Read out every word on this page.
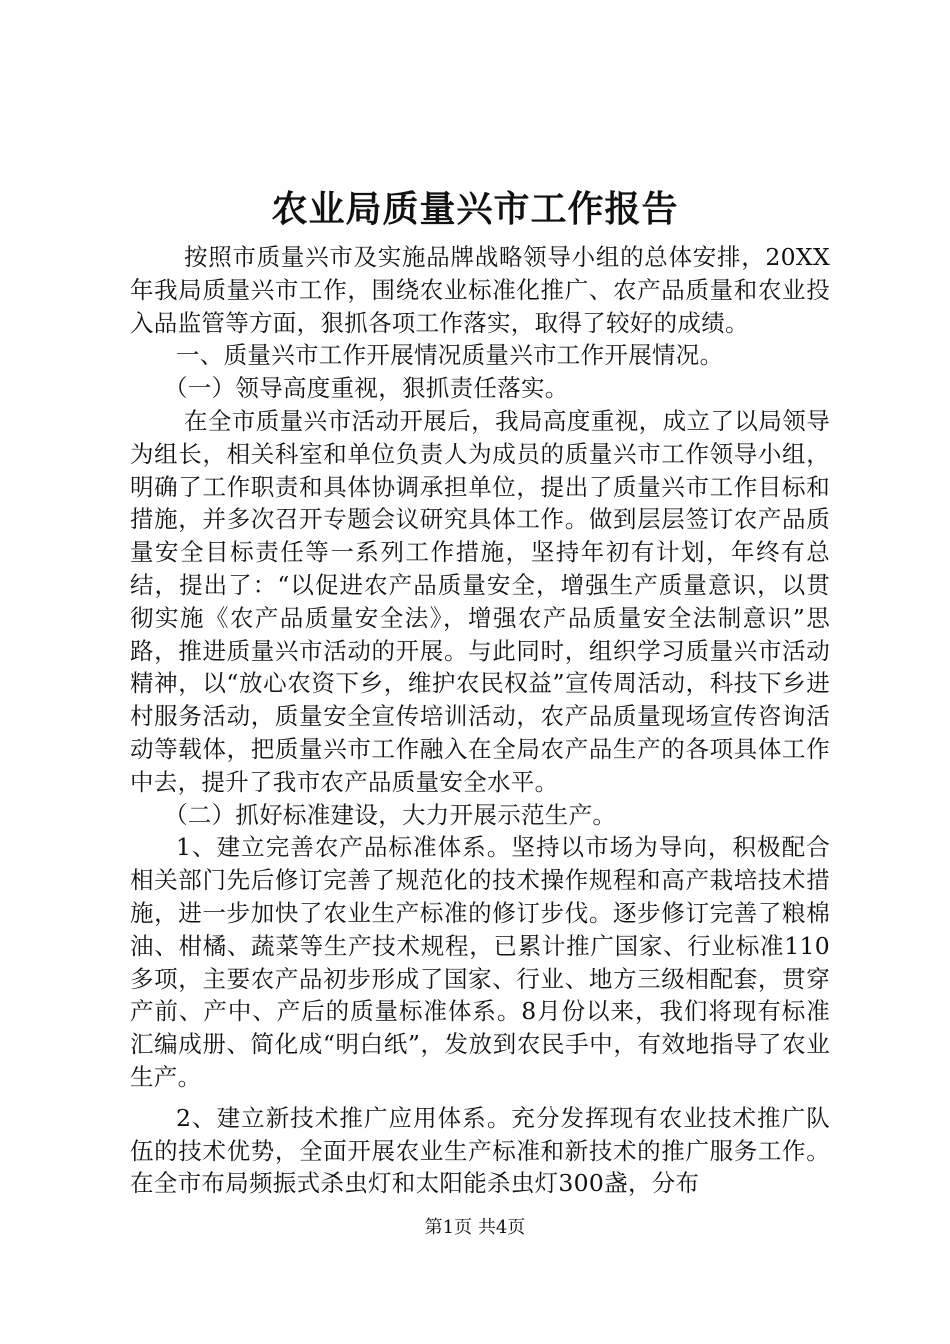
农业局质量兴市工作报告

按照市质量兴市及实施品牌战略领导小组的总体安排，20XX年我局质量兴市工作，围绕农业标准化推广、农产品质量和农业投入品监管等方面，狠抓各项工作落实，取得了较好的成绩。

一、质量兴市工作开展情况质量兴市工作开展情况。

（一）领导高度重视，狠抓责任落实。

在全市质量兴市活动开展后，我局高度重视，成立了以局领导为组长，相关科室和单位负责人为成员的质量兴市工作领导小组，明确了工作职责和具体协调承担单位，提出了质量兴市工作目标和措施，并多次召开专题会议研究具体工作。做到层层签订农产品质量安全目标责任等一系列工作措施，坚持年初有计划，年终有总结，提出了：“以促进农产品质量安全，增强生产质量意识，以贯彻实施《农产品质量安全法》，增强农产品质量安全法制意识”思路，推进质量兴市活动的开展。与此同时，组织学习质量兴市活动精神，以“放心农资下乡，维护农民权益”宣传周活动，科技下乡进村服务活动，质量安全宣传培训活动，农产品质量现场宣传咨询活动等载体，把质量兴市工作融入在全局农产品生产的各项具体工作中去，提升了我市农产品质量安全水平。

（二）抓好标准建设，大力开展示范生产。

1、建立完善农产品标准体系。坚持以市场为导向，积极配合相关部门先后修订完善了规范化的技术操作规程和高产栽培技术措施，进一步加快了农业生产标准的修订步伐。逐步修订完善了粮棉油、柑橘、蔬菜等生产技术规程，已累计推广国家、行业标准110多项，主要农产品初步形成了国家、行业、地方三级相配套，贯穿产前、产中、产后的质量标准体系。8月份以来，我们将现有标准汇编成册、简化成“明白纸”，发放到农民手中，有效地指导了农业生产。

2、建立新技术推广应用体系。充分发挥现有农业技术推广队伍的技术优势，全面开展农业生产标准和新技术的推广服务工作。在全市布局频振式杀虫灯和太阳能杀虫灯300盏，分布

第1页 共4页
